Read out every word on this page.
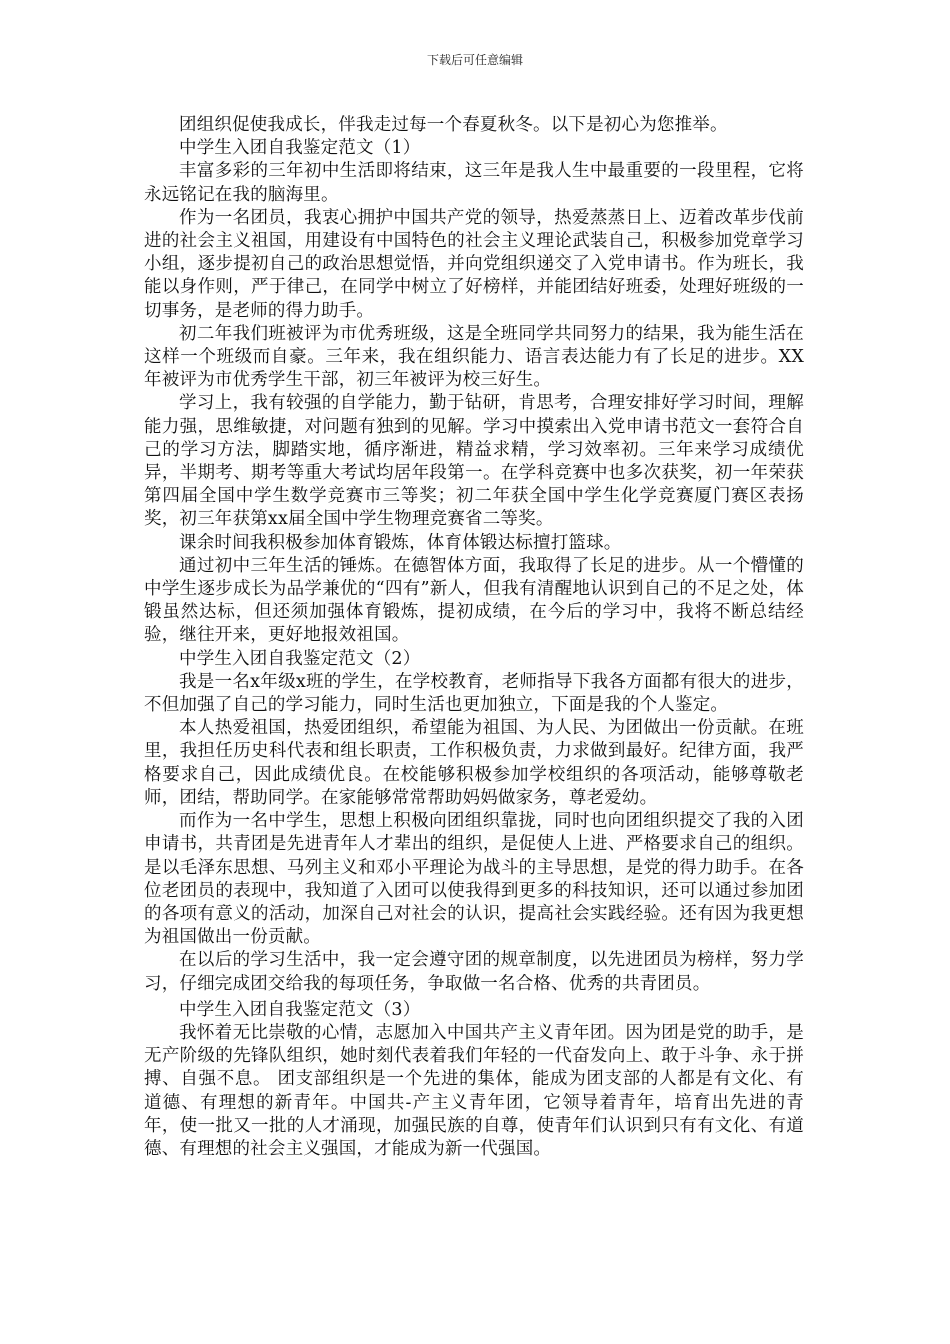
下载后可任意编辑

团组织促使我成长，伴我走过每一个春夏秋冬。以下是初心为您推举。

中学生入团自我鉴定范文（1）

丰富多彩的三年初中生活即将结束，这三年是我人生中最重要的一段里程，它将永远铭记在我的脑海里。

作为一名团员，我衷心拥护中国共产党的领导，热爱蒸蒸日上、迈着改革步伐前进的社会主义祖国，用建设有中国特色的社会主义理论武装自己，积极参加党章学习小组，逐步提初自己的政治思想觉悟，并向党组织递交了入党申请书。作为班长，我能以身作则，严于律己，在同学中树立了好榜样，并能团结好班委，处理好班级的一切事务，是老师的得力助手。

初二年我们班被评为市优秀班级，这是全班同学共同努力的结果，我为能生活在这样一个班级而自豪。三年来，我在组织能力、语言表达能力有了长足的进步。XX年被评为市优秀学生干部，初三年被评为校三好生。

学习上，我有较强的自学能力，勤于钻研，肯思考，合理安排好学习时间，理解能力强，思维敏捷，对问题有独到的见解。学习中摸索出入党申请书范文一套符合自己的学习方法，脚踏实地，循序渐进，精益求精，学习效率初。三年来学习成绩优异，半期考、期考等重大考试均居年段第一。在学科竞赛中也多次获奖，初一年荣获第四届全国中学生数学竞赛市三等奖；初二年获全国中学生化学竞赛厦门赛区表扬奖，初三年获第xx届全国中学生物理竞赛省二等奖。

课余时间我积极参加体育锻炼，体育体锻达标擅打篮球。

通过初中三年生活的锤炼。在德智体方面，我取得了长足的进步。从一个懵懂的中学生逐步成长为品学兼优的“四有”新人，但我有清醒地认识到自己的不足之处，体锻虽然达标，但还须加强体育锻炼，提初成绩，在今后的学习中，我将不断总结经验，继往开来，更好地报效祖国。

中学生入团自我鉴定范文（2）

我是一名x年级x班的学生，在学校教育，老师指导下我各方面都有很大的进步，不但加强了自己的学习能力，同时生活也更加独立，下面是我的个人鉴定。

本人热爱祖国，热爱团组织，希望能为祖国、为人民、为团做出一份贡献。在班里，我担任历史科代表和组长职责，工作积极负责，力求做到最好。纪律方面，我严格要求自己，因此成绩优良。在校能够积极参加学校组织的各项活动，能够尊敬老师，团结，帮助同学。在家能够常常帮助妈妈做家务，尊老爱幼。

而作为一名中学生，思想上积极向团组织靠拢，同时也向团组织提交了我的入团申请书，共青团是先进青年人才辈出的组织，是促使人上进、严格要求自己的组织。是以毛泽东思想、马列主义和邓小平理论为战斗的主导思想，是党的得力助手。在各位老团员的表现中，我知道了入团可以使我得到更多的科技知识，还可以通过参加团的各项有意义的活动，加深自己对社会的认识，提高社会实践经验。还有因为我更想为祖国做出一份贡献。

在以后的学习生活中，我一定会遵守团的规章制度，以先进团员为榜样，努力学习，仔细完成团交给我的每项任务，争取做一名合格、优秀的共青团员。

中学生入团自我鉴定范文（3）

我怀着无比崇敬的心情，志愿加入中国共产主义青年团。因为团是党的助手，是无产阶级的先锋队组织，她时刻代表着我们年轻的一代奋发向上、敢于斗争、永于拼搏、自强不息。 团支部组织是一个先进的集体，能成为团支部的人都是有文化、有道德、有理想的新青年。中国共-产主义青年团，它领导着青年，培育出先进的青年，使一批又一批的人才涌现，加强民族的自尊，使青年们认识到只有有文化、有道德、有理想的社会主义强国，才能成为新一代强国。
